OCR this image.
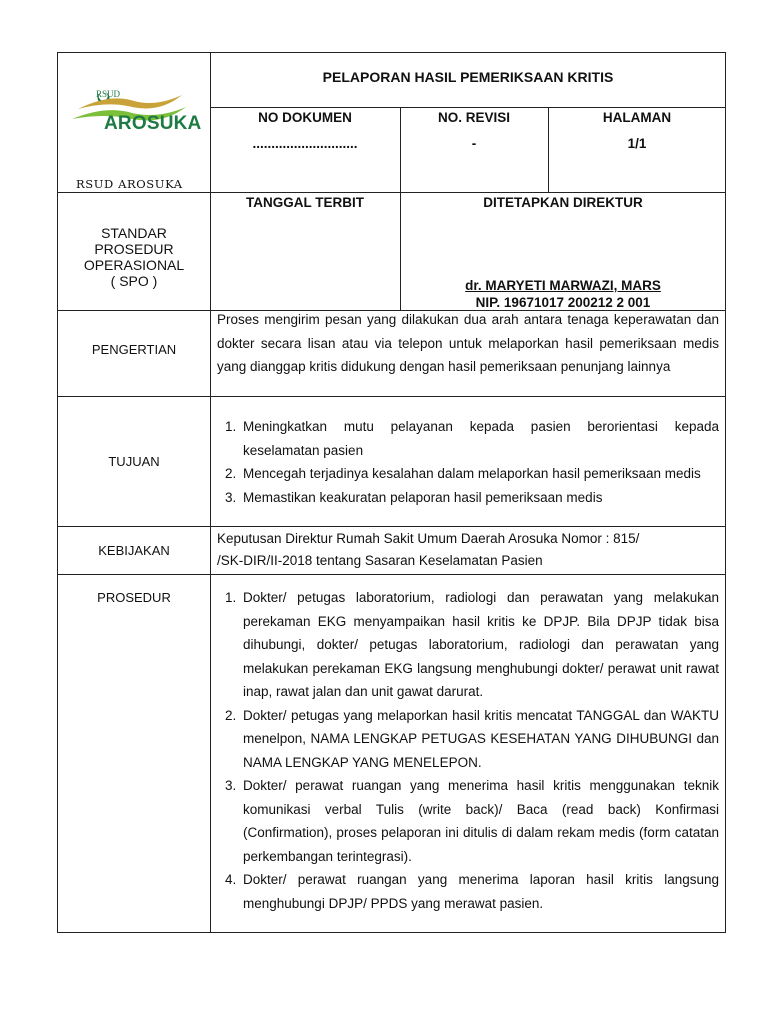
RSUD
AROSUKA
RSUD AROSUKA
PELAPORAN HASIL PEMERIKSAAN KRITIS
NO DOKUMEN
............................
NO. REVISI
-
HALAMAN
1/1
STANDAR
PROSEDUR
OPERASIONAL
( SPO )
TANGGAL TERBIT	DITETAPKAN DIREKTUR
dr. MARYETI MARWAZI, MARS
NIP. 19671017 200212 2 001
PENGERTIAN
Proses mengirim pesan yang dilakukan dua arah antara tenaga keperawatan dan dokter secara lisan atau via telepon untuk melaporkan hasil pemeriksaan medis yang dianggap kritis didukung dengan hasil pemeriksaan penunjang lainnya
TUJUAN
1. Meningkatkan mutu pelayanan kepada pasien berorientasi kepada keselamatan pasien
2. Mencegah terjadinya kesalahan dalam melaporkan hasil pemeriksaan medis
3. Memastikan keakuratan pelaporan hasil pemeriksaan medis
KEBIJAKAN
Keputusan Direktur Rumah Sakit Umum Daerah Arosuka Nomor : 815/
/SK-DIR/II-2018 tentang Sasaran Keselamatan Pasien
PROSEDUR
1.	Dokter/ petugas laboratorium, radiologi dan perawatan yang melakukan perekaman EKG menyampaikan hasil kritis ke DPJP. Bila DPJP tidak bisa dihubungi, dokter/ petugas laboratorium, radiologi dan perawatan yang melakukan perekaman EKG langsung menghubungi dokter/ perawat unit rawat inap, rawat jalan dan unit gawat darurat.
2. Dokter/ petugas yang melaporkan hasil kritis mencatat TANGGAL dan WAKTU menelpon, NAMA LENGKAP PETUGAS KESEHATAN YANG DIHUBUNGI dan NAMA LENGKAP YANG MENELEPON.
3. Dokter/ perawat ruangan yang menerima hasil kritis menggunakan teknik komunikasi verbal Tulis (write back)/ Baca (read back) Konfirmasi (Confirmation), proses pelaporan ini ditulis di dalam rekam medis (form catatan perkembangan terintegrasi).
4. Dokter/ perawat ruangan yang menerima laporan hasil kritis langsung menghubungi DPJP/ PPDS yang merawat pasien.
